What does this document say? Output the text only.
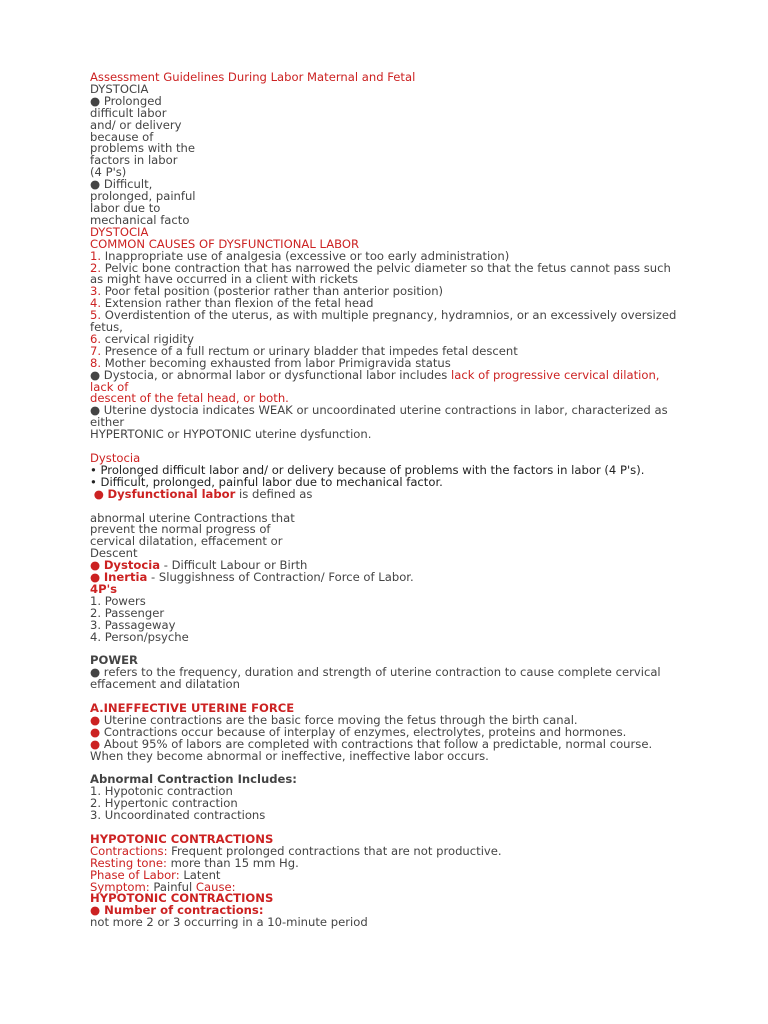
Assessment Guidelines During Labor Maternal and Fetal
DYSTOCIA
● Prolonged
difficult labor
and/ or delivery
because of
problems with the
factors in labor
(4 P's)
● Difficult,
prolonged, painful
labor due to
mechanical facto
DYSTOCIA
COMMON CAUSES OF DYSFUNCTIONAL LABOR
1. Inappropriate use of analgesia (excessive or too early administration)
2. Pelvic bone contraction that has narrowed the pelvic diameter so that the fetus cannot pass such as might have occurred in a client with rickets
3. Poor fetal position (posterior rather than anterior position)
4. Extension rather than flexion of the fetal head
5. Overdistention of the uterus, as with multiple pregnancy, hydramnios, or an excessively oversized fetus,
6. cervical rigidity
7. Presence of a full rectum or urinary bladder that impedes fetal descent
8. Mother becoming exhausted from labor Primigravida status
● Dystocia, or abnormal labor or dysfunctional labor includes lack of progressive cervical dilation, lack of
descent of the fetal head, or both.
● Uterine dystocia indicates WEAK or uncoordinated uterine contractions in labor, characterized as either
HYPERTONIC or HYPOTONIC uterine dysfunction.
Dystocia
• Prolonged difficult labor and/ or delivery because of problems with the factors in labor (4 P's).
• Difficult, prolonged, painful labor due to mechanical factor.
● Dysfunctional labor is defined as
abnormal uterine Contractions that
prevent the normal progress of
cervical dilatation, effacement or
Descent
● Dystocia - Difficult Labour or Birth
● Inertia - Sluggishness of Contraction/ Force of Labor.
4P's
1. Powers
2. Passenger
3. Passageway
4. Person/psyche
POWER
● refers to the frequency, duration and strength of uterine contraction to cause complete cervical effacement and dilatation
A.INEFFECTIVE UTERINE FORCE
● Uterine contractions are the basic force moving the fetus through the birth canal.
● Contractions occur because of interplay of enzymes, electrolytes, proteins and hormones.
● About 95% of labors are completed with contractions that follow a predictable, normal course. When they become abnormal or ineffective, ineffective labor occurs.
Abnormal Contraction Includes:
1. Hypotonic contraction
2. Hypertonic contraction
3. Uncoordinated contractions
HYPOTONIC CONTRACTIONS
Contractions: Frequent prolonged contractions that are not productive.
Resting tone: more than 15 mm Hg.
Phase of Labor: Latent
Symptom: Painful Cause:
HYPOTONIC CONTRACTIONS
● Number of contractions:
not more 2 or 3 occurring in a 10-minute period
